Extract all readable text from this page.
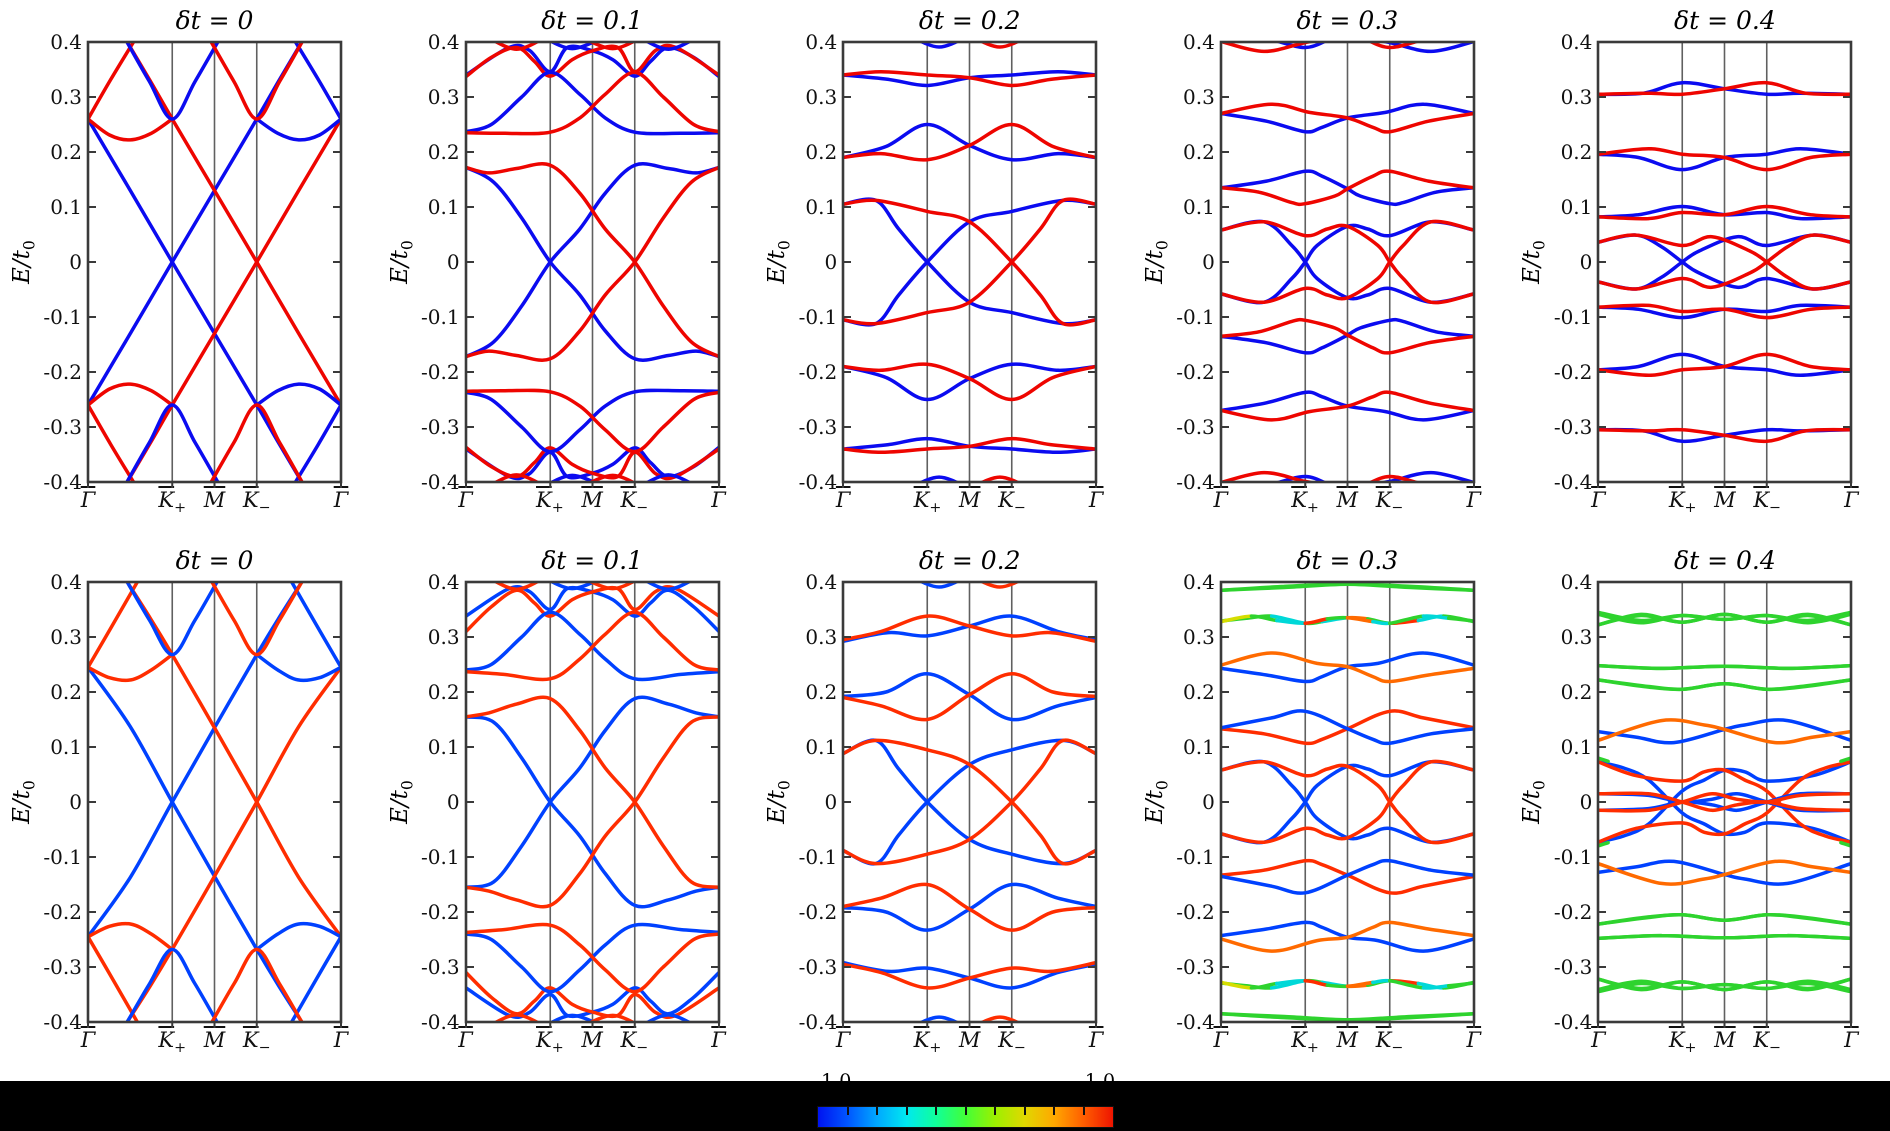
δt = 0
$E/t_0$
0.4
0.3
0.2
0.1
0
-0.1
-0.2
-0.3
-0.4
$\overline{\Gamma}$	$\overline{K}_+$ $\overline{M}$ $\overline{K}_-$	$\overline{\Gamma}$
δt = 0.1
$E/t_0$
0.4
0.3
0.2
0.1
0
-0.1
-0.2
-0.3
-0.4
$\overline{\Gamma}$	$\overline{K}_+$ $\overline{M}$ $\overline{K}_-$	$\overline{\Gamma}$
δt = 0.2
$E/t_0$
0.4
0.3
0.2
0.1
0
-0.1
-0.2
-0.3
-0.4
$\overline{\Gamma}$	$\overline{K}_+$ $\overline{M}$ $\overline{K}_-$	$\overline{\Gamma}$
δt = 0.3
$E/t_0$
0.4
0.3
0.2
0.1
0
-0.1
-0.2
-0.3
-0.4
$\overline{\Gamma}$	$\overline{K}_+$ $\overline{M}$ $\overline{K}_-$	$\overline{\Gamma}$
δt = 0.4
$E/t_0$
0.4
0.3
0.2
0.1
0
-0.1
-0.2
-0.3
-0.4
$\overline{\Gamma}$	$\overline{K}_+$ $\overline{M}$ $\overline{K}_-$	$\overline{\Gamma}$
δt = 0
$E/t_0$
0.4
0.3
0.2
0.1
0
-0.1
-0.2
-0.3
-0.4
$\overline{\Gamma}$	$\overline{K}_+$ $\overline{M}$ $\overline{K}_-$	$\overline{\Gamma}$
δt = 0.1
$E/t_0$
0.4
0.3
0.2
0.1
0
-0.1
-0.2
-0.3
-0.4
$\overline{\Gamma}$	$\overline{K}_+$ $\overline{M}$ $\overline{K}_-$	$\overline{\Gamma}$
δt = 0.2
$E/t_0$
0.4
0.3
0.2
0.1
0
-0.1
-0.2
-0.3
-0.4
$\overline{\Gamma}$	$\overline{K}_+$ $\overline{M}$ $\overline{K}_-$	$\overline{\Gamma}$
δt = 0.3
$E/t_0$
0.4
0.3
0.2
0.1
0
-0.1
-0.2
-0.3
-0.4
$\overline{\Gamma}$	$\overline{K}_+$ $\overline{M}$ $\overline{K}_-$	$\overline{\Gamma}$
δt = 0.4
$E/t_0$
0.4
0.3
0.2
0.1
0
-0.1
-0.2
-0.3
-0.4
$\overline{\Gamma}$	$\overline{K}_+$ $\overline{M}$ $\overline{K}_-$	$\overline{\Gamma}$
